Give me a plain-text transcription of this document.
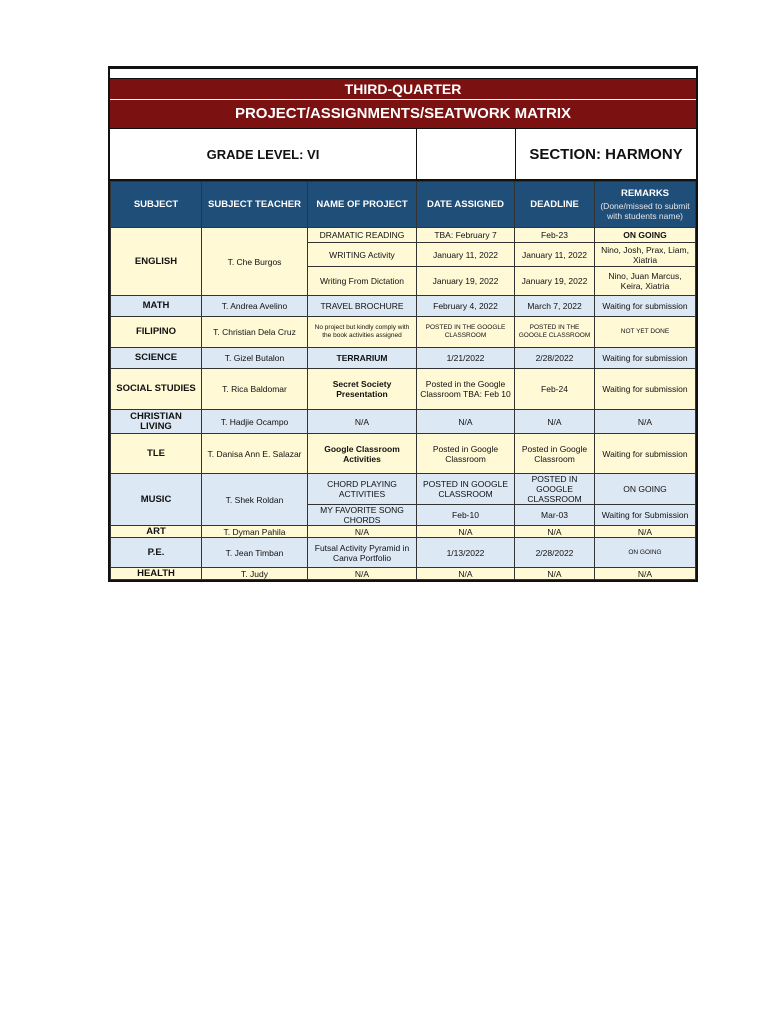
THIRD-QUARTER
PROJECT/ASSIGNMENTS/SEATWORK MATRIX
GRADE LEVEL: VI	SECTION: HARMONY
SUBJECT	SUBJECT TEACHER	NAME OF PROJECT	DATE ASSIGNED	DEADLINE	REMARKS
(Done/missed to submit with students name)

ENGLISH	T. Che Burgos	DRAMATIC READING	TBA: February 7	Feb-23	ON GOING
		WRITING Activity	January 11, 2022	January 11, 2022	Nino, Josh, Prax, Liam, Xiatria
		Writing From Dictation	January 19, 2022	January 19, 2022	Nino, Juan Marcus, Keira, Xiatria
MATH	T. Andrea Avelino	TRAVEL BROCHURE	February 4, 2022	March 7, 2022	Waiting for submission
FILIPINO	T. Christian Dela Cruz	No project but kindly comply with the book activities assigned	POSTED IN THE GOOGLE CLASSROOM	POSTED IN THE GOOGLE CLASSROOM	NOT YET DONE
SCIENCE	T. Gizel Butalon	TERRARIUM	1/21/2022	2/28/2022	Waiting for submission
SOCIAL STUDIES	T. Rica Baldomar	Secret Society Presentation	Posted in the Google Classroom TBA: Feb 10	Feb-24	Waiting for submission
CHRISTIAN LIVING	T. Hadjie Ocampo	N/A	N/A	N/A	N/A
TLE	T. Danisa Ann E. Salazar	Google Classroom Activities	Posted in Google Classroom	Posted in Google Classroom	Waiting for submission
MUSIC	T. Shek Roldan	CHORD PLAYING ACTIVITIES	POSTED IN GOOGLE CLASSROOM	POSTED IN GOOGLE CLASSROOM	ON GOING
		MY FAVORITE SONG CHORDS	Feb-10	Mar-03	Waiting for Submission
ART	T. Dyman Pahila	N/A	N/A	N/A	N/A
P.E.	T. Jean Timban	Futsal Activity Pyramid in Canva Portfolio	1/13/2022	2/28/2022	ON GOING
HEALTH	T. Judy	N/A	N/A	N/A	N/A
